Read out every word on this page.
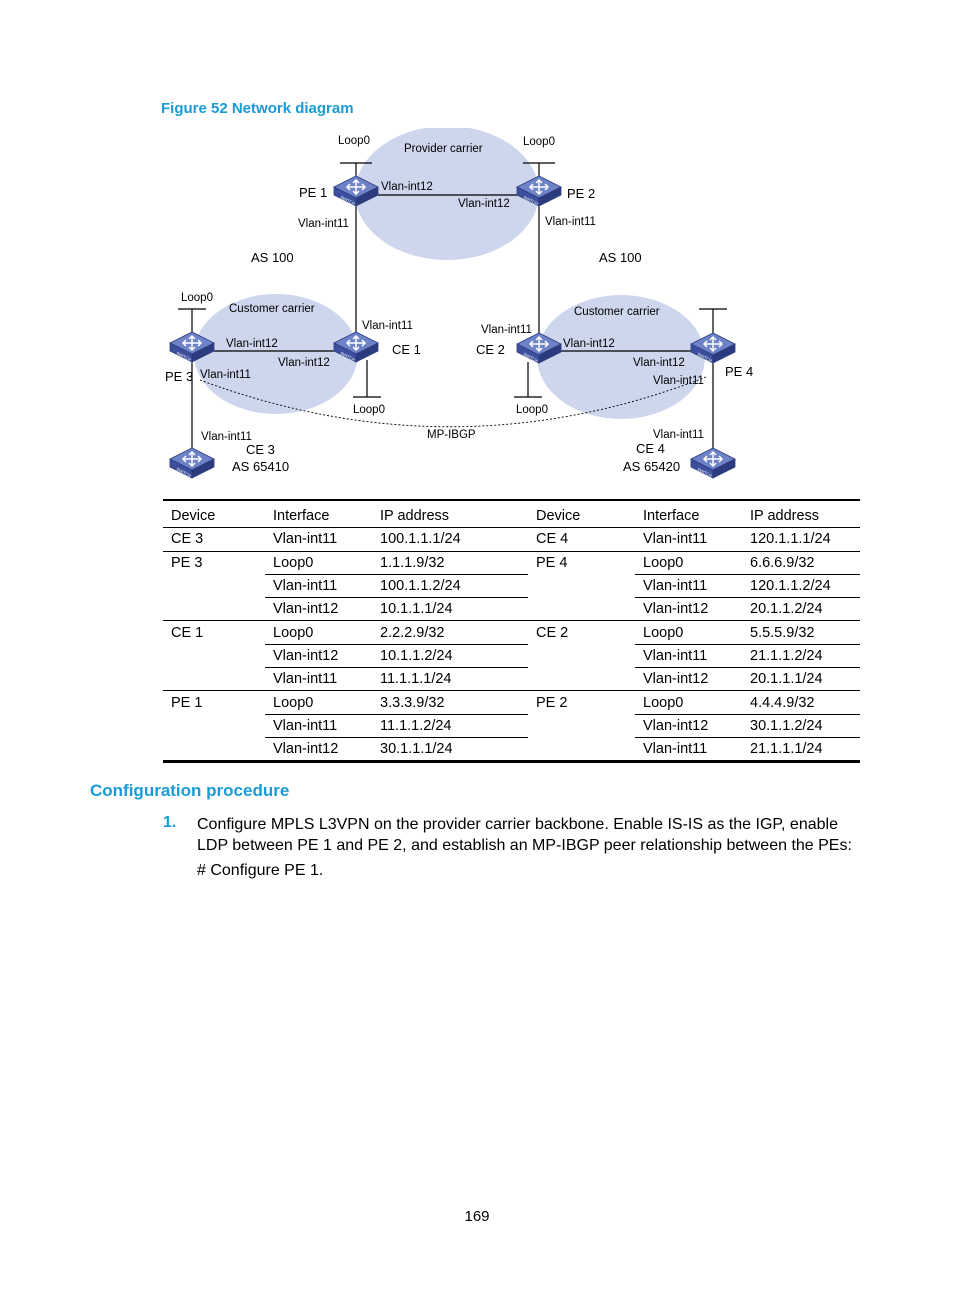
Figure 52 Network diagram
Provider carrier
Customer carrier	Customer carrier
AS 100	AS 100
AS 65410	AS 65420
PE 1	PE 2
PE 3	PE 4
CE 1	CE 2
CE 3	CE 4
Loop0	Loop0
Vlan-int12
Vlan-int12
Vlan-int11	Vlan-int11
Loop0
Vlan-int12
Vlan-int11
Vlan-int11
Vlan-int12
Loop0
Vlan-int11
Vlan-int12
Loop0
Vlan-int12
Vlan-int11
Vlan-int11	Vlan-int11
MP-IBGP
Device	Interface	IP address	Device	Interface	IP address
CE 3	Vlan-int11	100.1.1.1/24	CE 4	Vlan-int11	120.1.1.1/24
PE 3	Loop0	1.1.1.9/32	PE 4	Loop0	6.6.6.9/32
	Vlan-int11	100.1.1.2/24		Vlan-int11	120.1.1.2/24
	Vlan-int12	10.1.1.1/24		Vlan-int12	20.1.1.2/24
CE 1	Loop0	2.2.2.9/32	CE 2	Loop0	5.5.5.9/32
	Vlan-int12	10.1.1.2/24		Vlan-int11	21.1.1.2/24
	Vlan-int11	11.1.1.1/24		Vlan-int12	20.1.1.1/24
PE 1	Loop0	3.3.3.9/32	PE 2	Loop0	4.4.4.9/32
	Vlan-int11	11.1.1.2/24		Vlan-int12	30.1.1.2/24
	Vlan-int12	30.1.1.1/24		Vlan-int11	21.1.1.1/24
Configuration procedure
1. Configure MPLS L3VPN on the provider carrier backbone. Enable IS-IS as the IGP, enable LDP between PE 1 and PE 2, and establish an MP-IBGP peer relationship between the PEs:
# Configure PE 1.
169
